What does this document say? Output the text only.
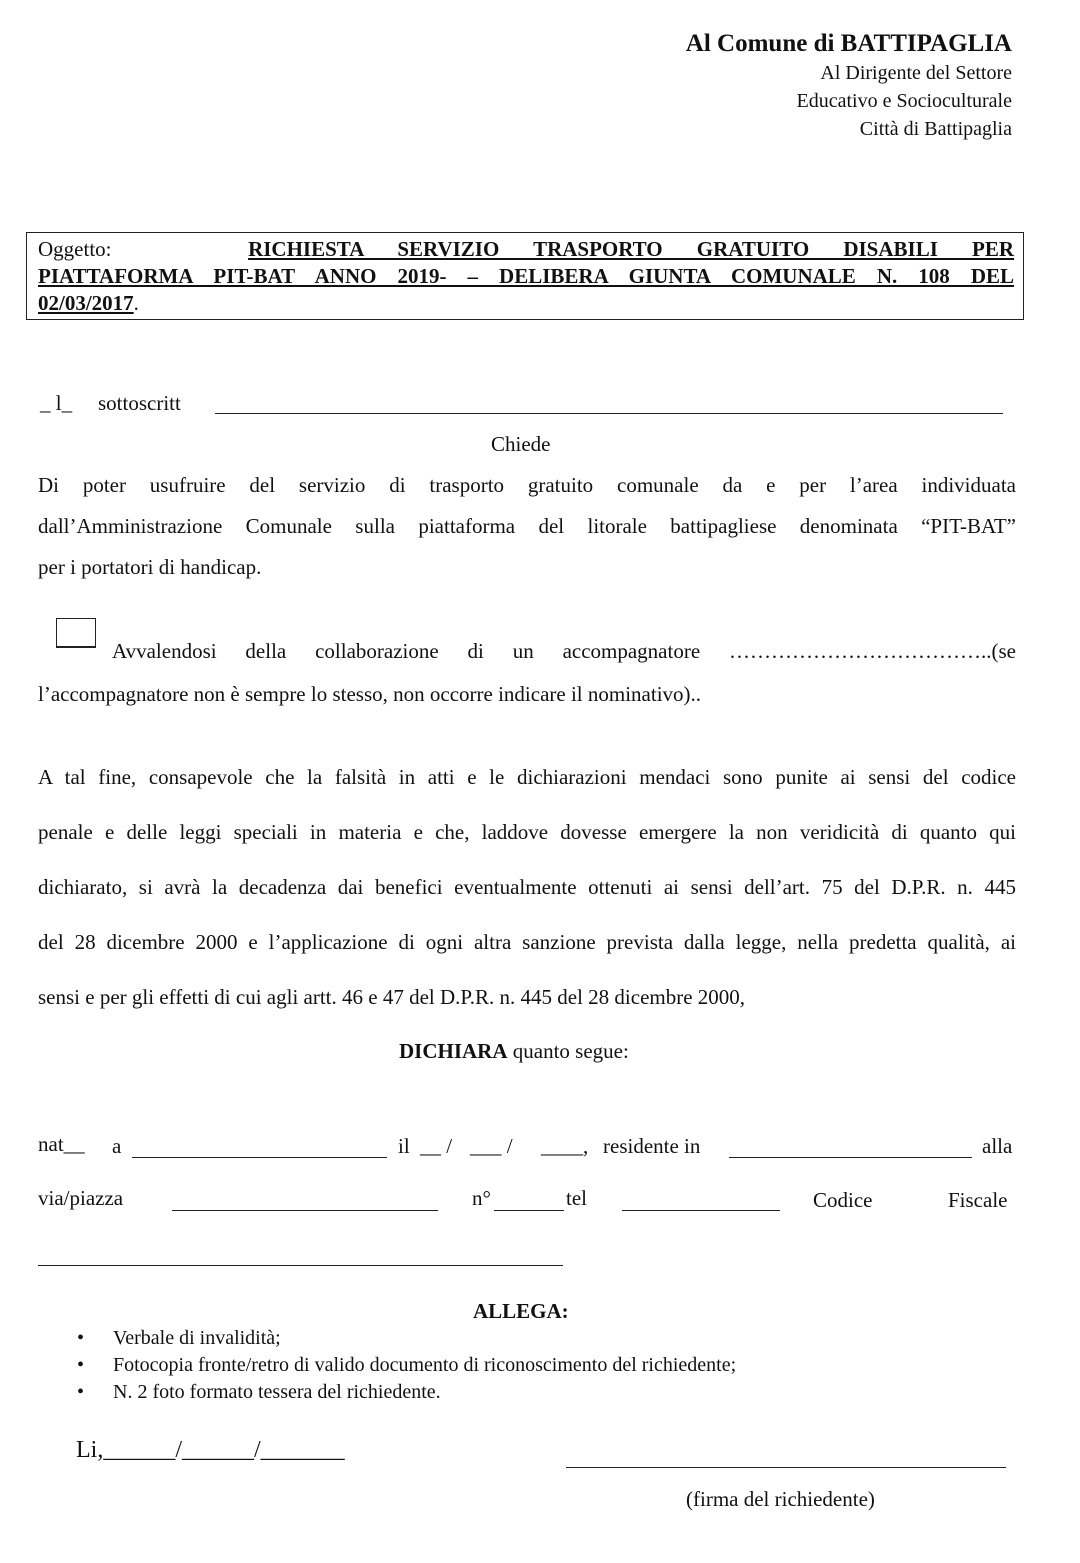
Al Comune di BATTIPAGLIA
Al Dirigente del Settore
Educativo e Socioculturale
Città di Battipaglia
Oggetto:	RICHIESTA SERVIZIO TRASPORTO GRATUITO DISABILI PER
PIATTAFORMA PIT-BAT ANNO 2019- – DELIBERA GIUNTA COMUNALE N. 108 DEL
02/03/2017.
_ l_ sottoscritt
Chiede
Di poter usufruire del servizio di trasporto gratuito comunale da e per l’area individuata
dall’Amministrazione Comunale sulla piattaforma del litorale battipagliese denominata “PIT-BAT”
per i portatori di handicap.
Avvalendosi della collaborazione di un accompagnatore ………………………………..(se
l’accompagnatore non è sempre lo stesso, non occorre indicare il nominativo)..
A tal fine, consapevole che la falsità in atti e le dichiarazioni mendaci sono punite ai sensi del codice
penale e delle leggi speciali in materia e che, laddove dovesse emergere la non veridicità di quanto qui
dichiarato, si avrà la decadenza dai benefici eventualmente ottenuti ai sensi dell’art. 75 del D.P.R. n. 445
del 28 dicembre 2000 e l’applicazione di ogni altra sanzione prevista dalla legge, nella predetta qualità, ai
sensi e per gli effetti di cui agli artt. 46 e 47 del D.P.R. n. 445 del 28 dicembre 2000,
DICHIARA quanto segue:
nat__ a	il __ / ___ / ____, residente in	alla
via/piazza	n°	tel	Codice	Fiscale
ALLEGA:
• Verbale di invalidità;
• Fotocopia fronte/retro di valido documento di riconoscimento del richiedente;
• N. 2 foto formato tessera del richiedente.
Li,______/______/_______
(firma del richiedente)
